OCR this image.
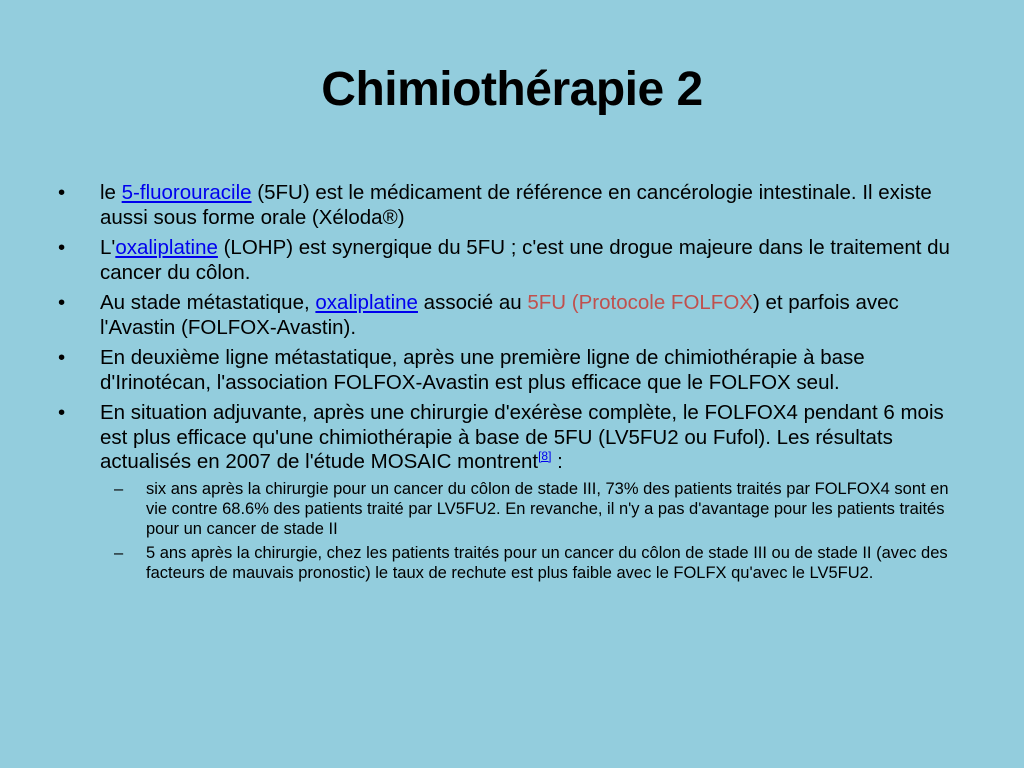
Chimiothérapie 2
• le 5-fluorouracile (5FU) est le médicament de référence en cancérologie intestinale. Il existe aussi sous forme orale (Xéloda®)
• L'oxaliplatine (LOHP) est synergique du 5FU ; c'est une drogue majeure dans le traitement du cancer du côlon.
• Au stade métastatique, oxaliplatine associé au 5FU (Protocole FOLFOX) et parfois avec l'Avastin (FOLFOX-Avastin).
• En deuxième ligne métastatique, après une première ligne de chimiothérapie à base d'Irinotécan, l'association FOLFOX-Avastin est plus efficace que le FOLFOX seul.
• En situation adjuvante, après une chirurgie d'exérèse complète, le FOLFOX4 pendant 6 mois est plus efficace qu'une chimiothérapie à base de 5FU (LV5FU2 ou Fufol). Les résultats actualisés en 2007 de l'étude MOSAIC montrent[8] :
– six ans après la chirurgie pour un cancer du côlon de stade III, 73% des patients traités par FOLFOX4 sont en vie contre 68.6% des patients traité par LV5FU2. En revanche, il n'y a pas d'avantage pour les patients traités pour un cancer de stade II
– 5 ans après la chirurgie, chez les patients traités pour un cancer du côlon de stade III ou de stade II (avec des facteurs de mauvais pronostic) le taux de rechute est plus faible avec le FOLFX qu'avec le LV5FU2.
